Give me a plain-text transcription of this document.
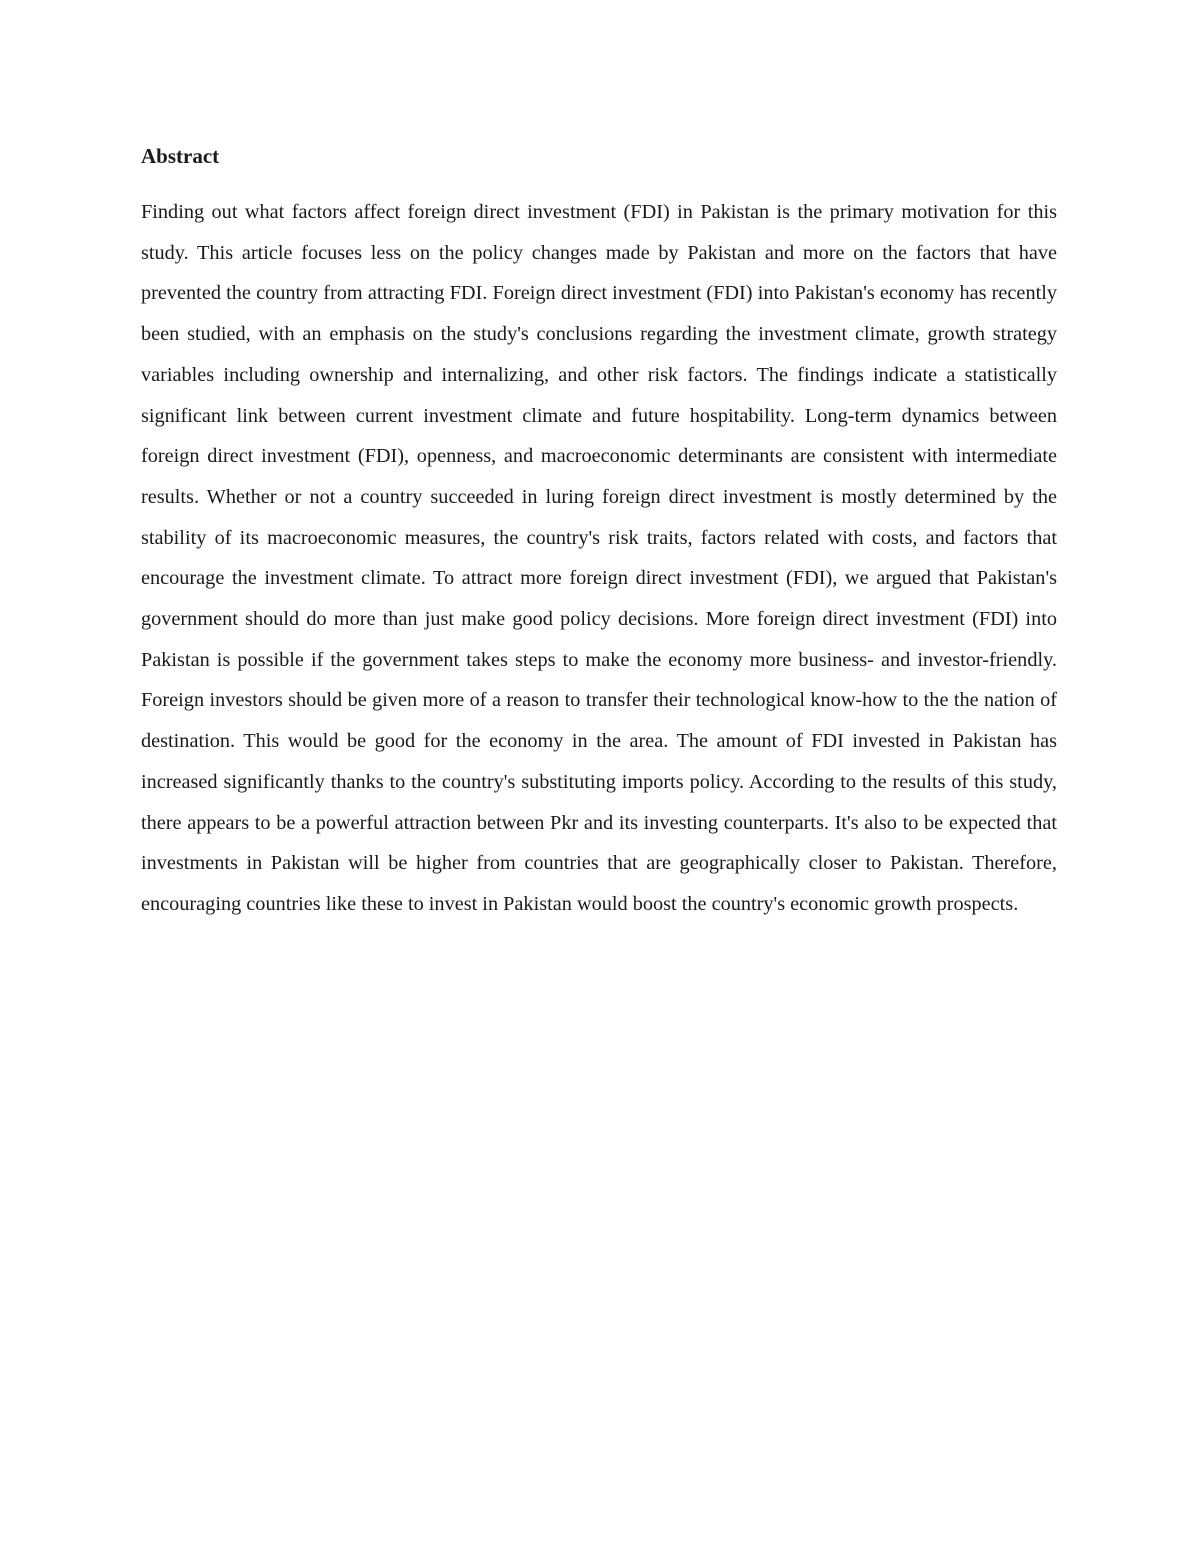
Abstract

Finding out what factors affect foreign direct investment (FDI) in Pakistan is the primary motivation for this study. This article focuses less on the policy changes made by Pakistan and more on the factors that have prevented the country from attracting FDI. Foreign direct investment (FDI) into Pakistan's economy has recently been studied, with an emphasis on the study's conclusions regarding the investment climate, growth strategy variables including ownership and internalizing, and other risk factors. The findings indicate a statistically significant link between current investment climate and future hospitability. Long-term dynamics between foreign direct investment (FDI), openness, and macroeconomic determinants are consistent with intermediate results. Whether or not a country succeeded in luring foreign direct investment is mostly determined by the stability of its macroeconomic measures, the country's risk traits, factors related with costs, and factors that encourage the investment climate. To attract more foreign direct investment (FDI), we argued that Pakistan's government should do more than just make good policy decisions. More foreign direct investment (FDI) into Pakistan is possible if the government takes steps to make the economy more business- and investor-friendly. Foreign investors should be given more of a reason to transfer their technological know-how to the the nation of destination. This would be good for the economy in the area. The amount of FDI invested in Pakistan has increased significantly thanks to the country's substituting imports policy. According to the results of this study, there appears to be a powerful attraction between Pkr and its investing counterparts. It's also to be expected that investments in Pakistan will be higher from countries that are geographically closer to Pakistan. Therefore, encouraging countries like these to invest in Pakistan would boost the country's economic growth prospects.
